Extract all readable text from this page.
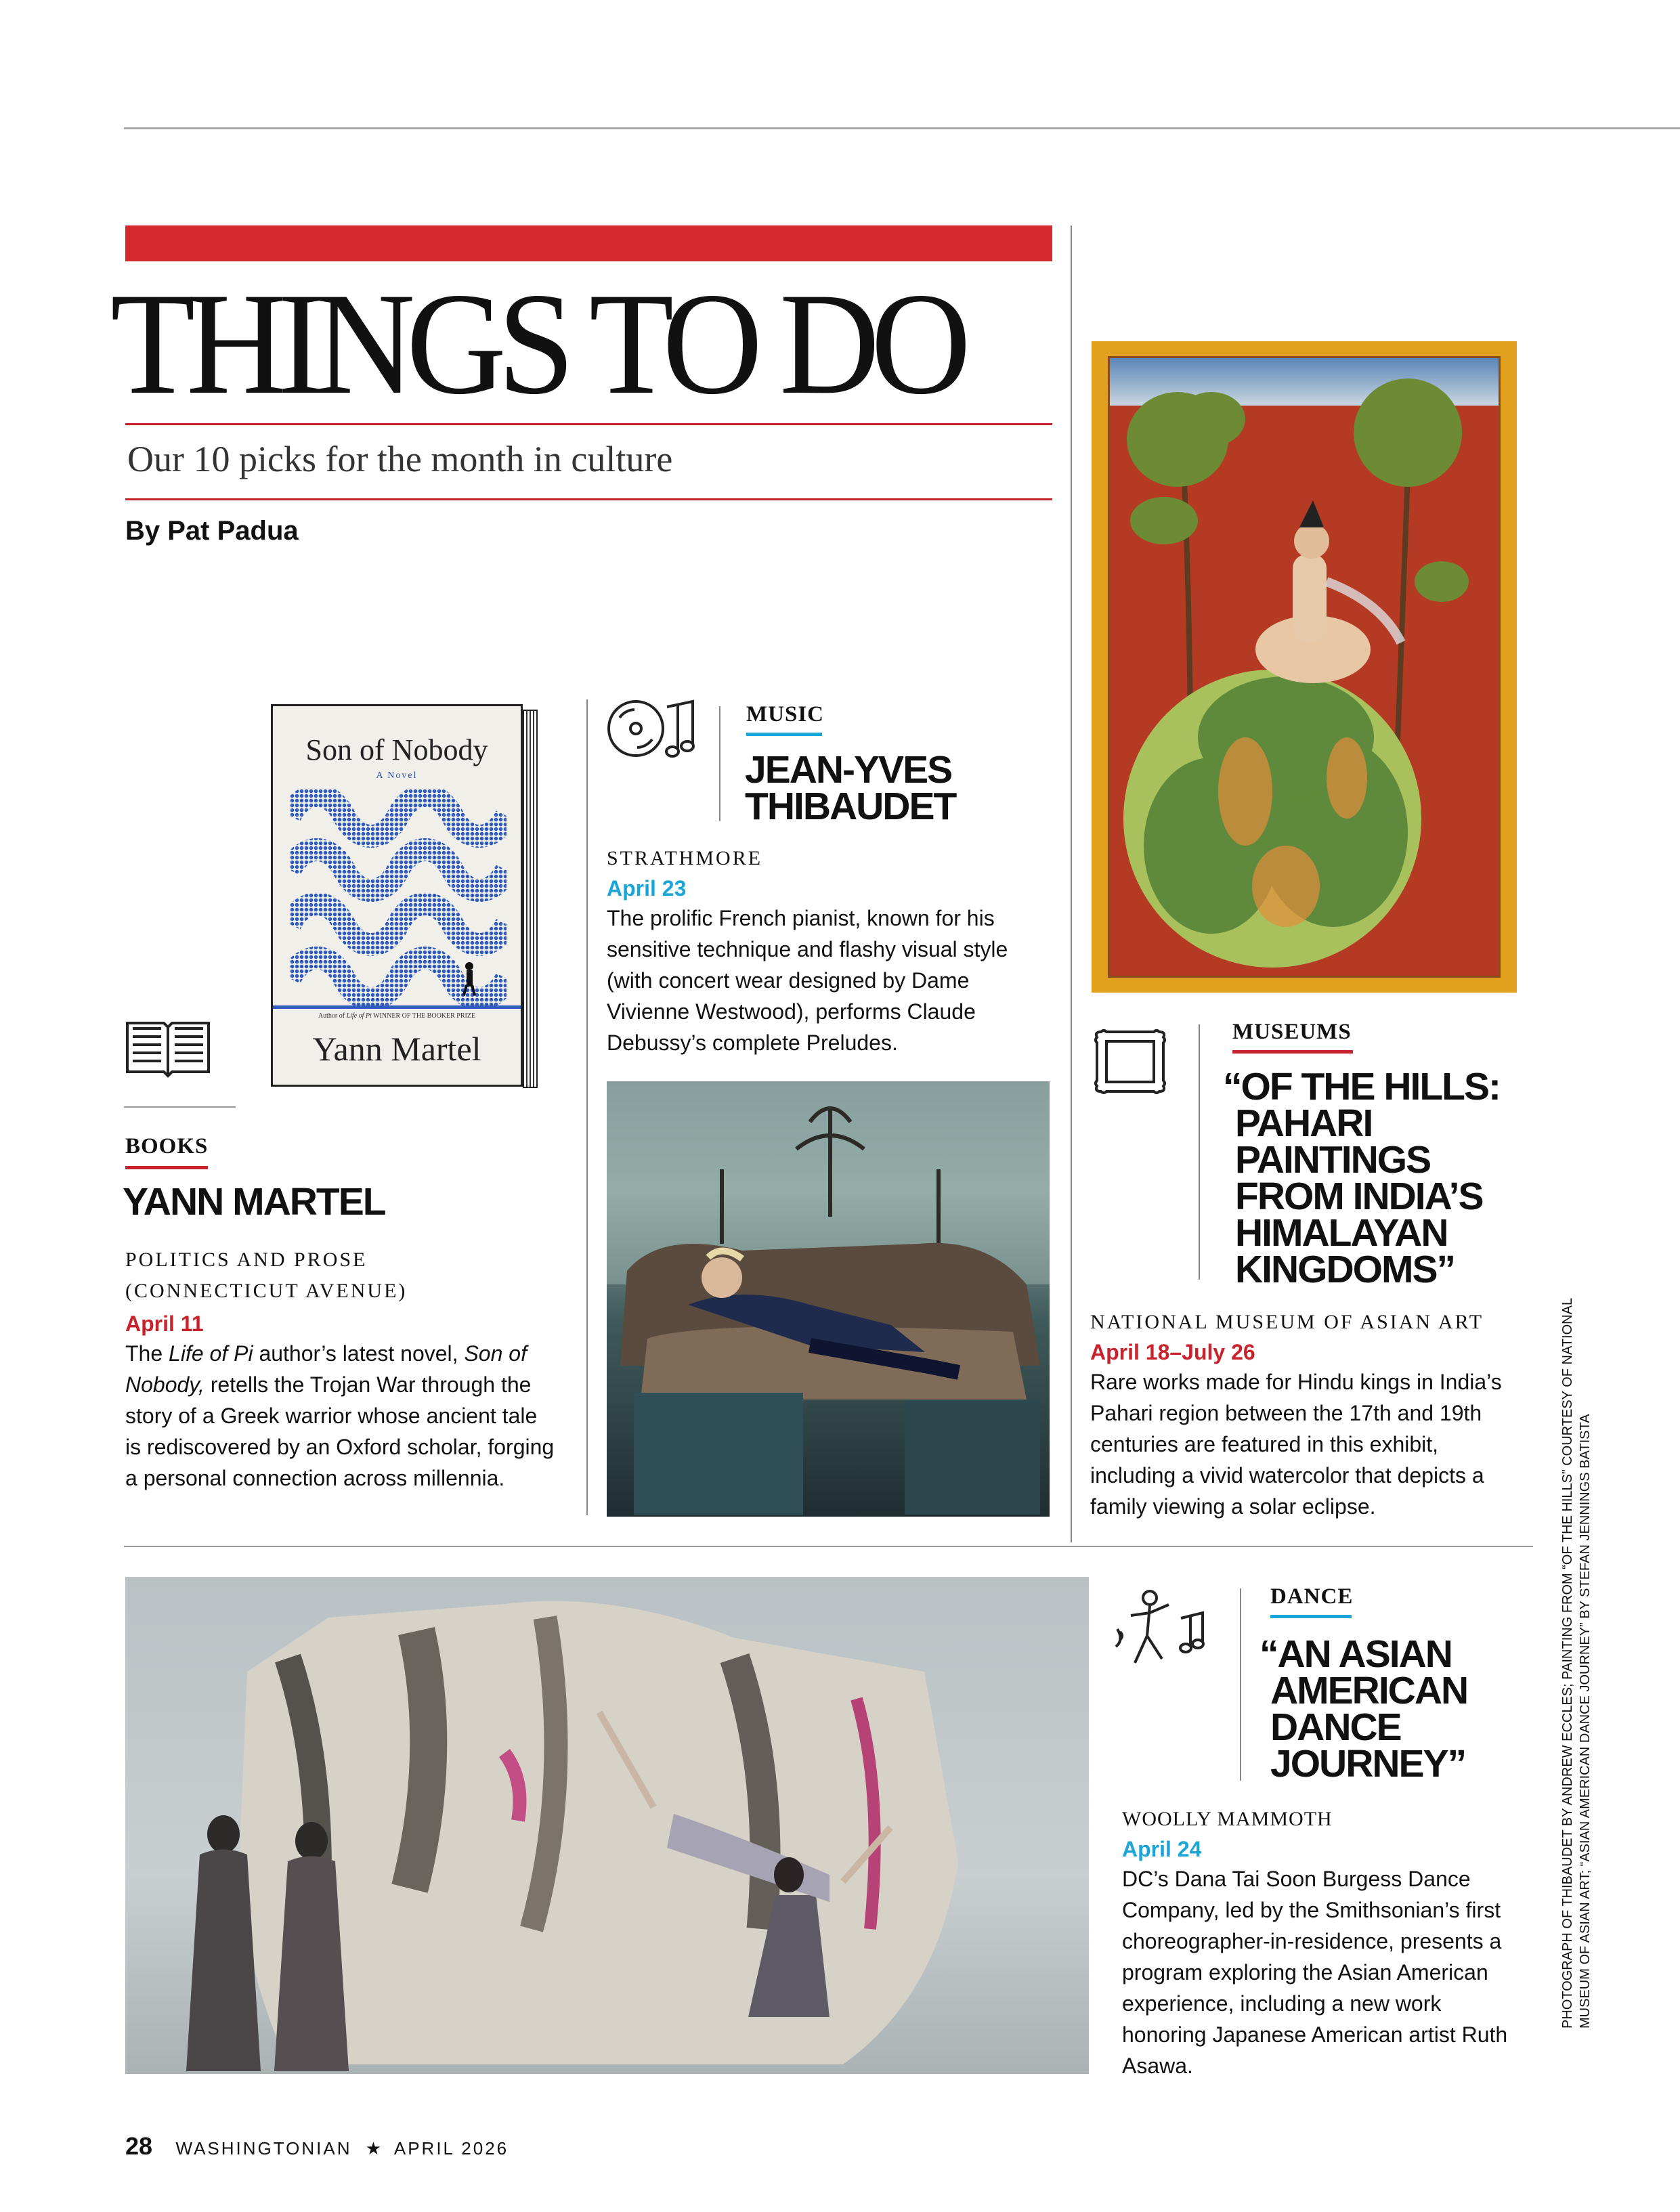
THINGS TO DO
Our 10 picks for the month in culture
By Pat Padua
Son of Nobody
A Novel
Author of Life of Pi WINNER OF THE BOOKER PRIZE
Yann Martel
BOOKS
YANN MARTEL
POLITICS AND PROSE
(CONNECTICUT AVENUE)
April 11
The Life of Pi author’s latest novel, Son of Nobody, retells the Trojan War through the story of a Greek warrior whose ancient tale is rediscovered by an Oxford scholar, forging a personal connection across millennia.
MUSIC
JEAN-YVES
THIBAUDET
STRATHMORE
April 23
The prolific French pianist, known for his sensitive technique and flashy visual style (with concert wear designed by Dame Vivienne Westwood), performs Claude Debussy’s complete Preludes.	MUSEUMS
“OF THE HILLS:
PAHARI
PAINTINGS
FROM INDIA’S
HIMALAYAN
KINGDOMS”
NATIONAL MUSEUM OF ASIAN ART
April 18–July 26
Rare works made for Hindu kings in India’s Pahari region between the 17th and 19th centuries are featured in this exhibit, including a vivid watercolor that depicts a family viewing a solar eclipse.	PHOTOGRAPH OF THIBAUDET BY ANDREW ECCLES; PAINTING FROM “OF THE HILLS” COURTESY OF NATIONAL MUSEUM OF ASIAN ART; “ASIAN AMERICAN DANCE JOURNEY” BY STEFAN JENNINGS BATISTA
DANCE
“AN ASIAN
AMERICAN
DANCE
JOURNEY”
WOOLLY MAMMOTH
April 24
DC’s Dana Tai Soon Burgess Dance Company, led by the Smithsonian’s first choreographer-in-residence, presents a program exploring the Asian American experience, including a new work honoring Japanese American artist Ruth Asawa.
28 WASHINGTONIAN ★ APRIL 2026
